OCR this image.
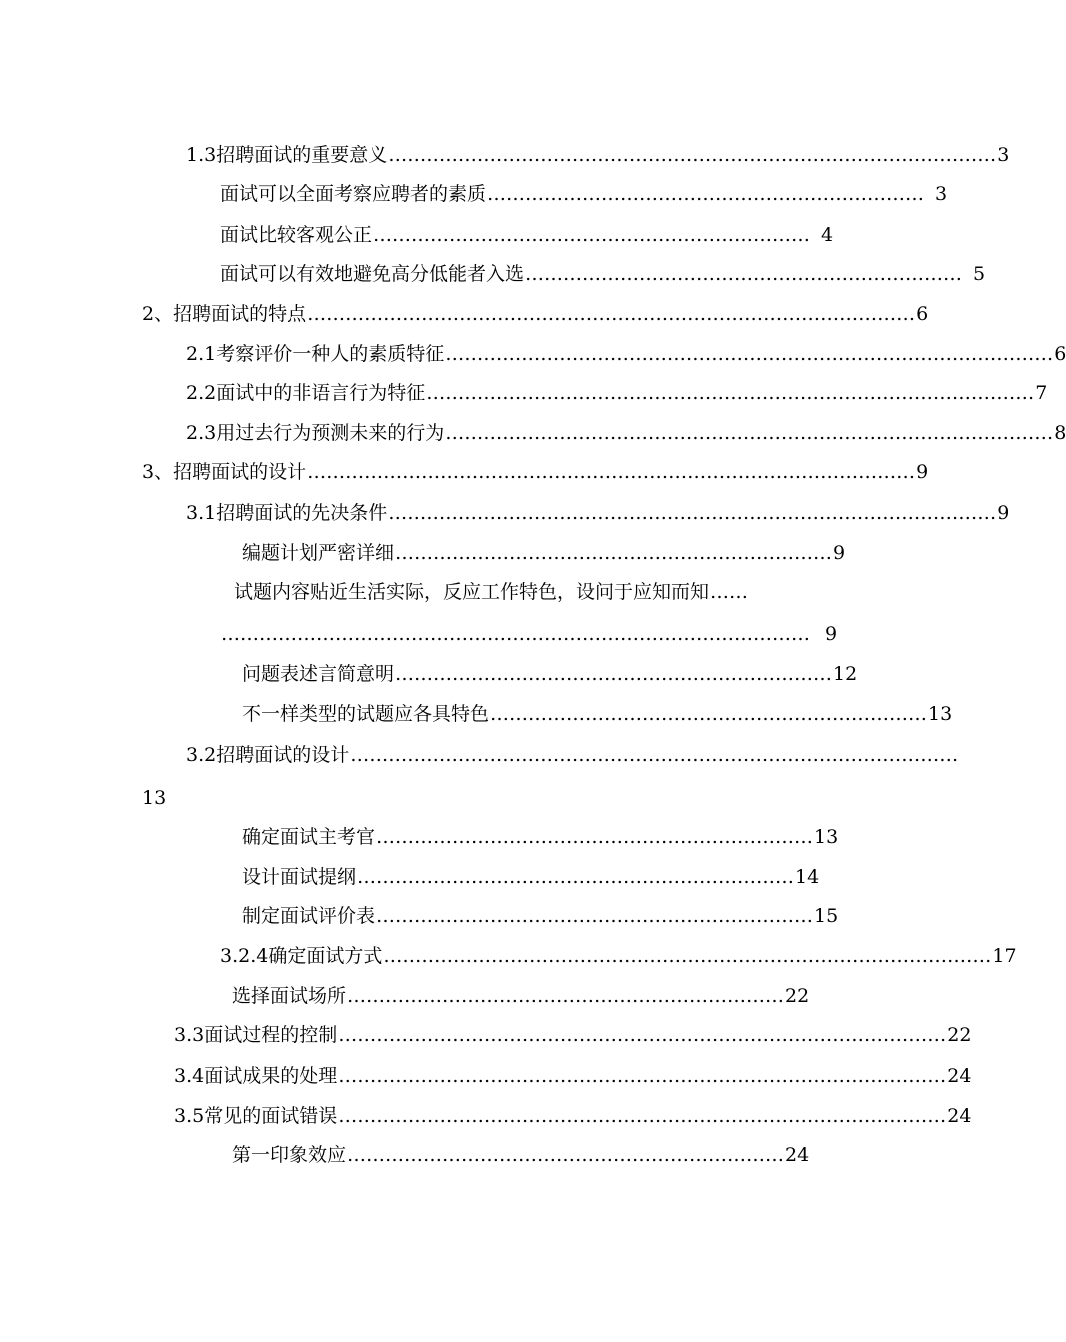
1.3 招聘面试的重要意义 …………………………………………………………………………………… 3
面试可以全面考察应聘者的素质 …………………………………………………………… 3
面试比较客观公正 …………………………………………………………… 4
面试可以有效地避免高分低能者入选 …………………………………………………………… 5
2、 招聘面试的特点 …………………………………………………………………………………… 6
2.1 考察评价一种人的素质特征 …………………………………………………………………………………… 6
2.2 面试中的非语言行为特征 …………………………………………………………………………………… 7
2.3 用过去行为预测未来的行为 …………………………………………………………………………………… 8
3、 招聘面试的设计 …………………………………………………………………………………… 9
3.1 招聘面试的先决条件 …………………………………………………………………………………… 9
编题计划严密详细 …………………………………………………………… 9
试题内容贴近生活实际，反应工作特色，设问于应知而知 ……
………………………………………………………………………………… 9
问题表述言简意明 …………………………………………………………… 12
不一样类型的试题应各具特色 …………………………………………………………… 13
3.2 招聘面试的设计 ……………………………………………………………………………………
13
确定面试主考官 …………………………………………………………… 13
设计面试提纲 …………………………………………………………… 14
制定面试评价表 …………………………………………………………… 15
3.2.4 确定面试方式 …………………………………………………………………………………… 17
选择面试场所 …………………………………………………………… 22
3.3 面试过程的控制 …………………………………………………………………………………… 22
3.4 面试成果的处理 …………………………………………………………………………………… 24
3.5 常见的面试错误 …………………………………………………………………………………… 24
第一印象效应 …………………………………………………………… 24
